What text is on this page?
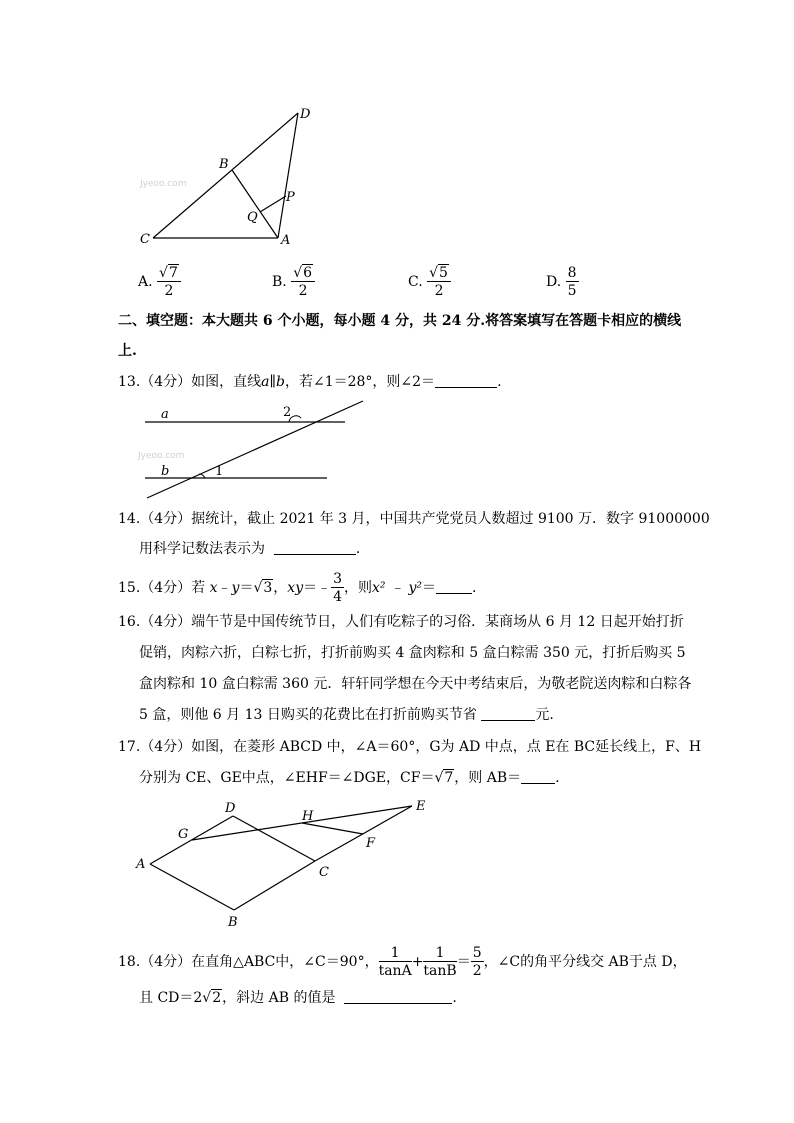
Jyeoo.com
D
B
P
Q
C	A
A. $\frac{√7}{2}$	B. $\frac{√6}{2}$	C. $\frac{√5}{2}$	D. $\frac{8}{5}$
二、填空题：本大题共 6 个小题，每小题 4 分，共 24 分.将答案填写在答题卡相应的横线
上.
13.（4分）如图，直线a∥b，若∠1＝28°，则∠2＝	.
Jyeoo.com
a
b
2
1
14.（4分）据统计，截止 2021 年 3 月，中国共产党党员人数超过 9100 万．数字 91000000
用科学记数法表示为	.
15.（4分）若 x﹣y＝√3，xy＝﹣ $\frac{3}{4}$ ，则x² ﹣ y²＝	.
16.（4分）端午节是中国传统节日，人们有吃粽子的习俗．某商场从 6 月 12 日起开始打折
促销，肉粽六折，白粽七折，打折前购买 4 盒肉粽和 5 盒白粽需 350 元，打折后购买 5
盒肉粽和 10 盒白粽需 360 元．轩轩同学想在今天中考结束后，为敬老院送肉粽和白粽各
5 盒，则他 6 月 13 日购买的花费比在打折前购买节省	元.
17.（4分）如图，在菱形 ABCD 中，∠A＝60°，G为 AD 中点，点 E在 BC延长线上，F、H
分别为 CE、GE中点，∠EHF＝∠DGE，CF＝√7，则 AB＝ .
A
B
C
D	E
F
G
H
18.（4分）在直角△ABC中，∠C＝90°， $\frac{1}{\tan A} + \frac{1}{\tan B} = \frac{5}{2}$ ，∠C的角平分线交 AB于点 D，
且 CD＝2√2，斜边 AB 的值是	.
